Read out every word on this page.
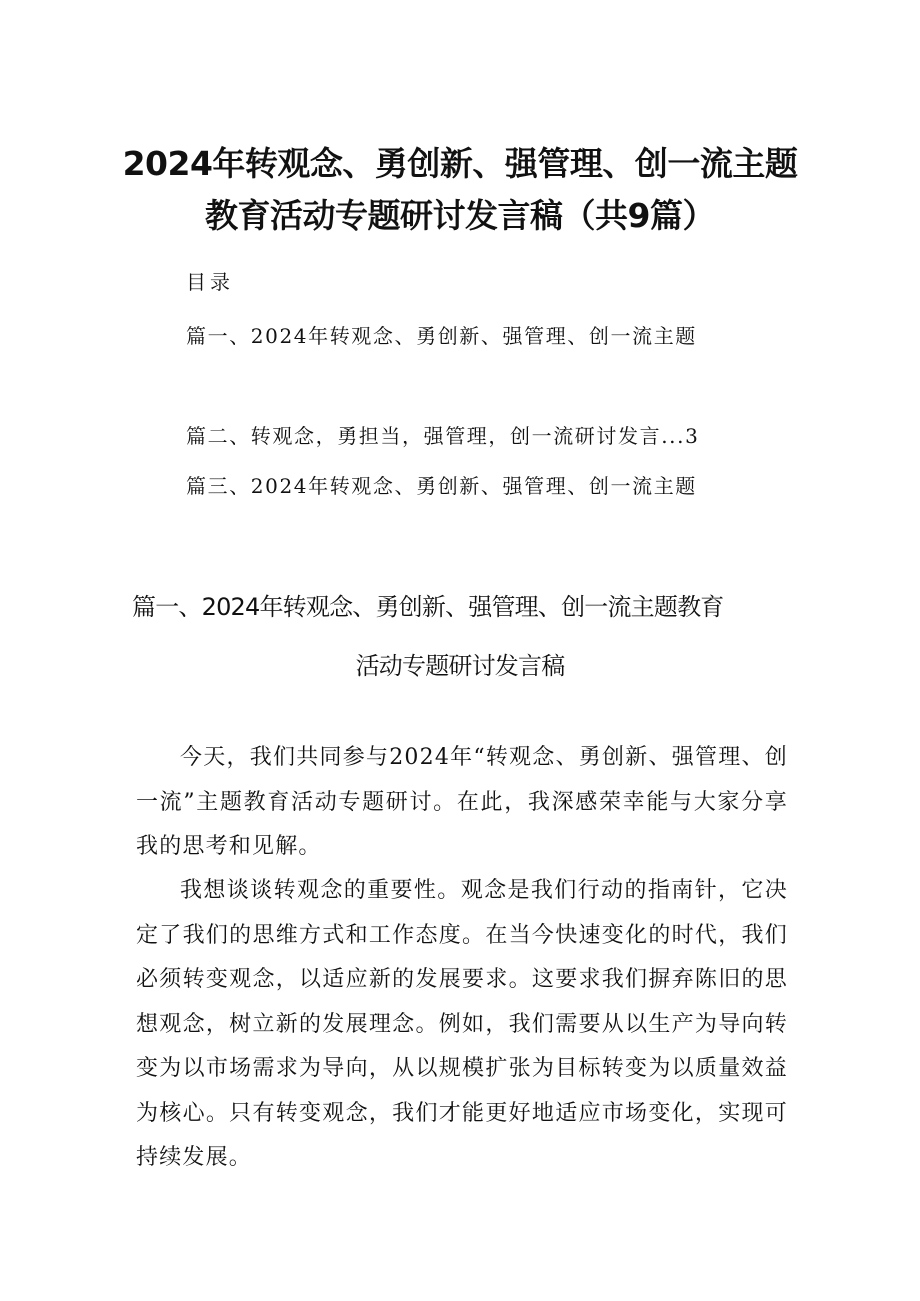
2024年转观念、勇创新、强管理、创一流主题
教育活动专题研讨发言稿（共9篇）
目录
篇一、2024年转观念、勇创新、强管理、创一流主题
篇二、转观念，勇担当，强管理，创一流研讨发言...3
篇三、2024年转观念、勇创新、强管理、创一流主题
篇一、2024年转观念、勇创新、强管理、创一流主题教育
活动专题研讨发言稿

今天，我们共同参与2024年“转观念、勇创新、强管理、创一流”主题教育活动专题研讨。在此，我深感荣幸能与大家分享我的思考和见解。

我想谈谈转观念的重要性。观念是我们行动的指南针，它决定了我们的思维方式和工作态度。在当今快速变化的时代，我们必须转变观念，以适应新的发展要求。这要求我们摒弃陈旧的思想观念，树立新的发展理念。例如，我们需要从以生产为导向转变为以市场需求为导向，从以规模扩张为目标转变为以质量效益为核心。只有转变观念，我们才能更好地适应市场变化，实现可持续发展。
